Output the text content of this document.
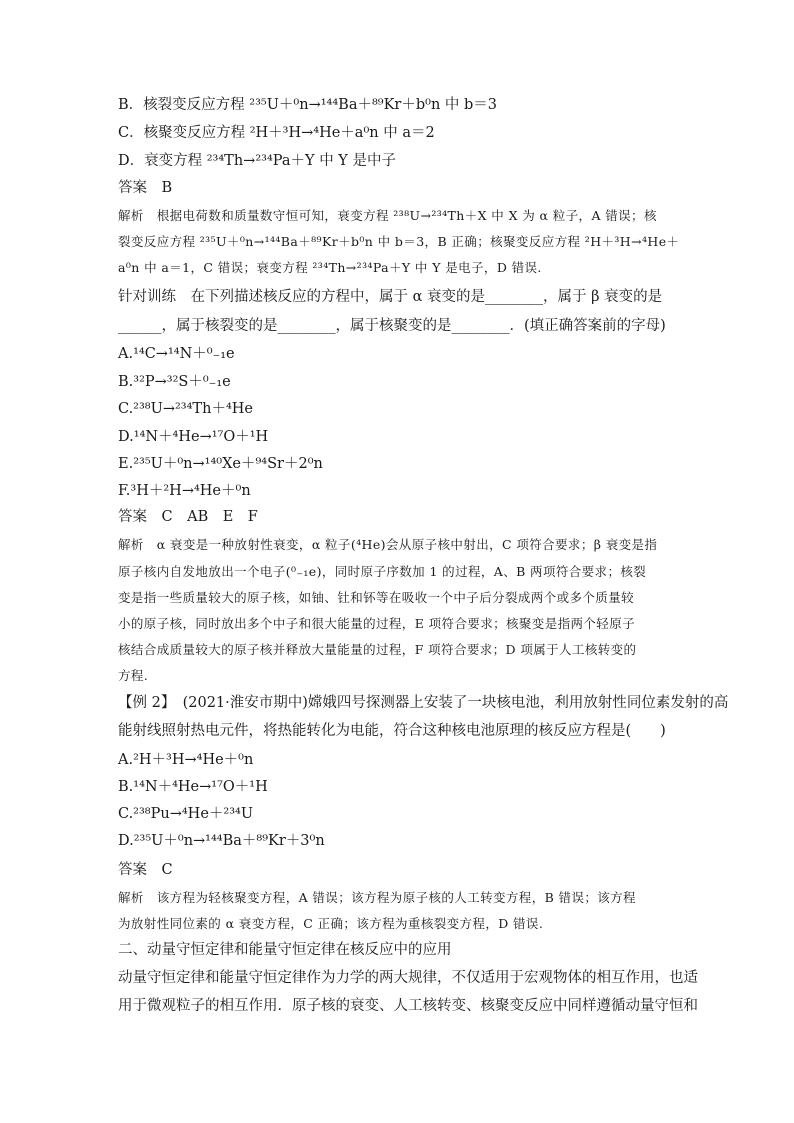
B．核裂变反应方程 ²³⁵U＋⁰n→¹⁴⁴Ba＋⁸⁹Kr＋b⁰n 中 b＝3
C．核聚变反应方程 ²H＋³H→⁴He＋a⁰n 中 a＝2
D．衰变方程 ²³⁴Th→²³⁴Pa＋Y 中 Y 是中子
答案　B
解析　根据电荷数和质量数守恒可知，衰变方程 ²³⁸U→²³⁴Th＋X 中 X 为 α 粒子，A 错误；核
裂变反应方程 ²³⁵U＋⁰n→¹⁴⁴Ba＋⁸⁹Kr＋b⁰n 中 b＝3，B 正确；核聚变反应方程 ²H＋³H→⁴He＋
a⁰n 中 a＝1，C 错误；衰变方程 ²³⁴Th→²³⁴Pa＋Y 中 Y 是电子，D 错误.
针对训练　在下列描述核反应的方程中，属于 α 衰变的是________，属于 β 衰变的是
______，属于核裂变的是________，属于核聚变的是________．(填正确答案前的字母)
A.¹⁴C→¹⁴N＋⁰₋₁e
B.³²P→³²S＋⁰₋₁e
C.²³⁸U→²³⁴Th＋⁴He
D.¹⁴N＋⁴He→¹⁷O＋¹H
E.²³⁵U＋⁰n→¹⁴⁰Xe＋⁹⁴Sr＋2⁰n
F.³H＋²H→⁴He＋⁰n
答案　C　AB　E　F
解析　α 衰变是一种放射性衰变，α 粒子(⁴He)会从原子核中射出，C 项符合要求；β 衰变是指
原子核内自发地放出一个电子(⁰₋₁e)，同时原子序数加 1 的过程，A、B 两项符合要求；核裂
变是指一些质量较大的原子核，如铀、钍和钚等在吸收一个中子后分裂成两个或多个质量较
小的原子核，同时放出多个中子和很大能量的过程，E 项符合要求；核聚变是指两个轻原子
核结合成质量较大的原子核并释放大量能量的过程，F 项符合要求；D 项属于人工核转变的
方程.
【例 2】　(2021·淮安市期中)嫦娥四号探测器上安装了一块核电池，利用放射性同位素发射的高
能射线照射热电元件，将热能转化为电能，符合这种核电池原理的核反应方程是(　　)
A.²H＋³H→⁴He＋⁰n
B.¹⁴N＋⁴He→¹⁷O＋¹H
C.²³⁸Pu→⁴He＋²³⁴U
D.²³⁵U＋⁰n→¹⁴⁴Ba＋⁸⁹Kr＋3⁰n
答案　C
解析　该方程为轻核聚变方程，A 错误；该方程为原子核的人工转变方程，B 错误；该方程
为放射性同位素的 α 衰变方程，C 正确；该方程为重核裂变方程，D 错误.
二、动量守恒定律和能量守恒定律在核反应中的应用
动量守恒定律和能量守恒定律作为力学的两大规律，不仅适用于宏观物体的相互作用，也适
用于微观粒子的相互作用．原子核的衰变、人工核转变、核聚变反应中同样遵循动量守恒和
